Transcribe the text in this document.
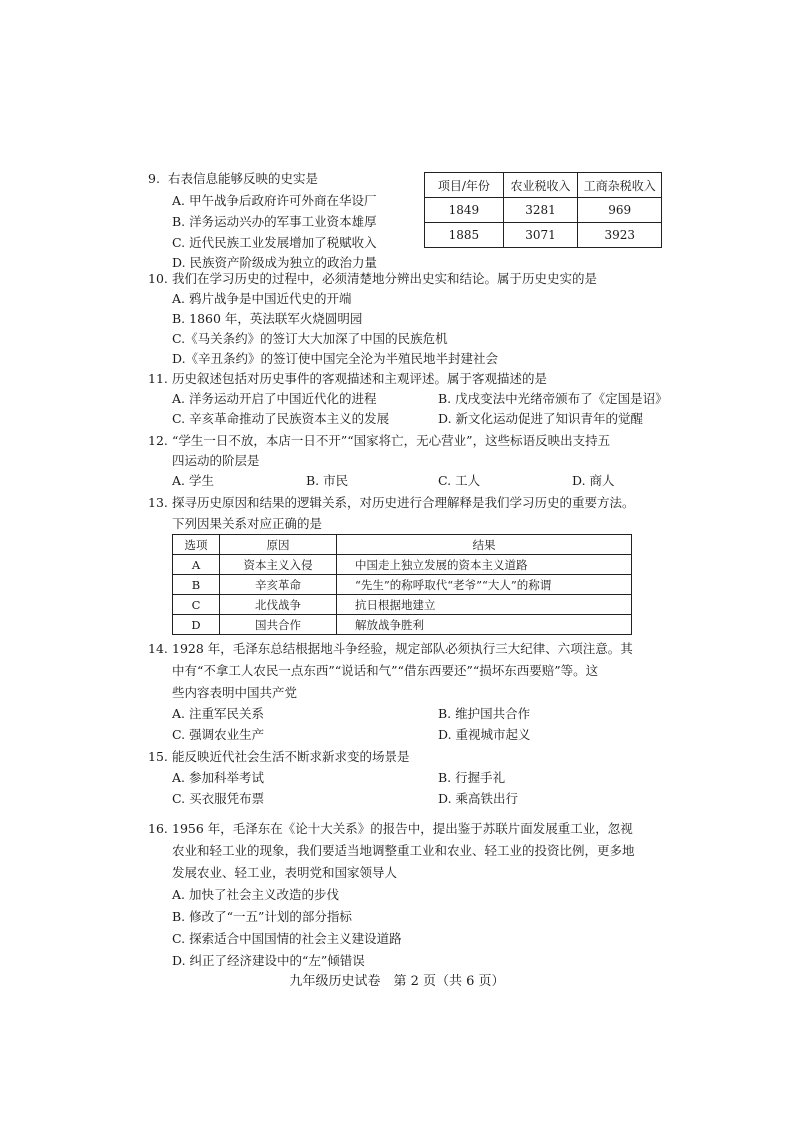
9. 右表信息能够反映的史实是
A. 甲午战争后政府许可外商在华设厂
B. 洋务运动兴办的军事工业资本雄厚
C. 近代民族工业发展增加了税赋收入
D. 民族资产阶级成为独立的政治力量
项目/年份	农业税收入	工商杂税收入
1849	3281	969
1885	3071	3923
10. 我们在学习历史的过程中，必须清楚地分辨出史实和结论。属于历史史实的是
A. 鸦片战争是中国近代史的开端
B. 1860 年，英法联军火烧圆明园
C.《马关条约》的签订大大加深了中国的民族危机
D.《辛丑条约》的签订使中国完全沦为半殖民地半封建社会
11. 历史叙述包括对历史事件的客观描述和主观评述。属于客观描述的是
A. 洋务运动开启了中国近代化的进程	B. 戊戌变法中光绪帝颁布了《定国是诏》
C. 辛亥革命推动了民族资本主义的发展	D. 新文化运动促进了知识青年的觉醒
12. “学生一日不放，本店一日不开”“国家将亡，无心营业”，这些标语反映出支持五
四运动的阶层是
A. 学生	B. 市民	C. 工人	D. 商人
13. 探寻历史原因和结果的逻辑关系，对历史进行合理解释是我们学习历史的重要方法。
下列因果关系对应正确的是
选项	原因	结果
A	资本主义入侵	中国走上独立发展的资本主义道路
B	辛亥革命	“先生”的称呼取代“老爷”“大人”的称谓
C	北伐战争	抗日根据地建立
D	国共合作	解放战争胜利
14. 1928 年，毛泽东总结根据地斗争经验，规定部队必须执行三大纪律、六项注意。其
中有“不拿工人农民一点东西”“说话和气”“借东西要还”“损坏东西要赔”等。这
些内容表明中国共产党
A. 注重军民关系	B. 维护国共合作
C. 强调农业生产	D. 重视城市起义
15. 能反映近代社会生活不断求新求变的场景是
A. 参加科举考试	B. 行握手礼
C. 买衣服凭布票	D. 乘高铁出行
16. 1956 年，毛泽东在《论十大关系》的报告中，提出鉴于苏联片面发展重工业，忽视
农业和轻工业的现象，我们要适当地调整重工业和农业、轻工业的投资比例，更多地
发展农业、轻工业，表明党和国家领导人
A. 加快了社会主义改造的步伐
B. 修改了“一五”计划的部分指标
C. 探索适合中国国情的社会主义建设道路
D. 纠正了经济建设中的“左”倾错误
九年级历史试卷　第 2 页（共 6 页）
